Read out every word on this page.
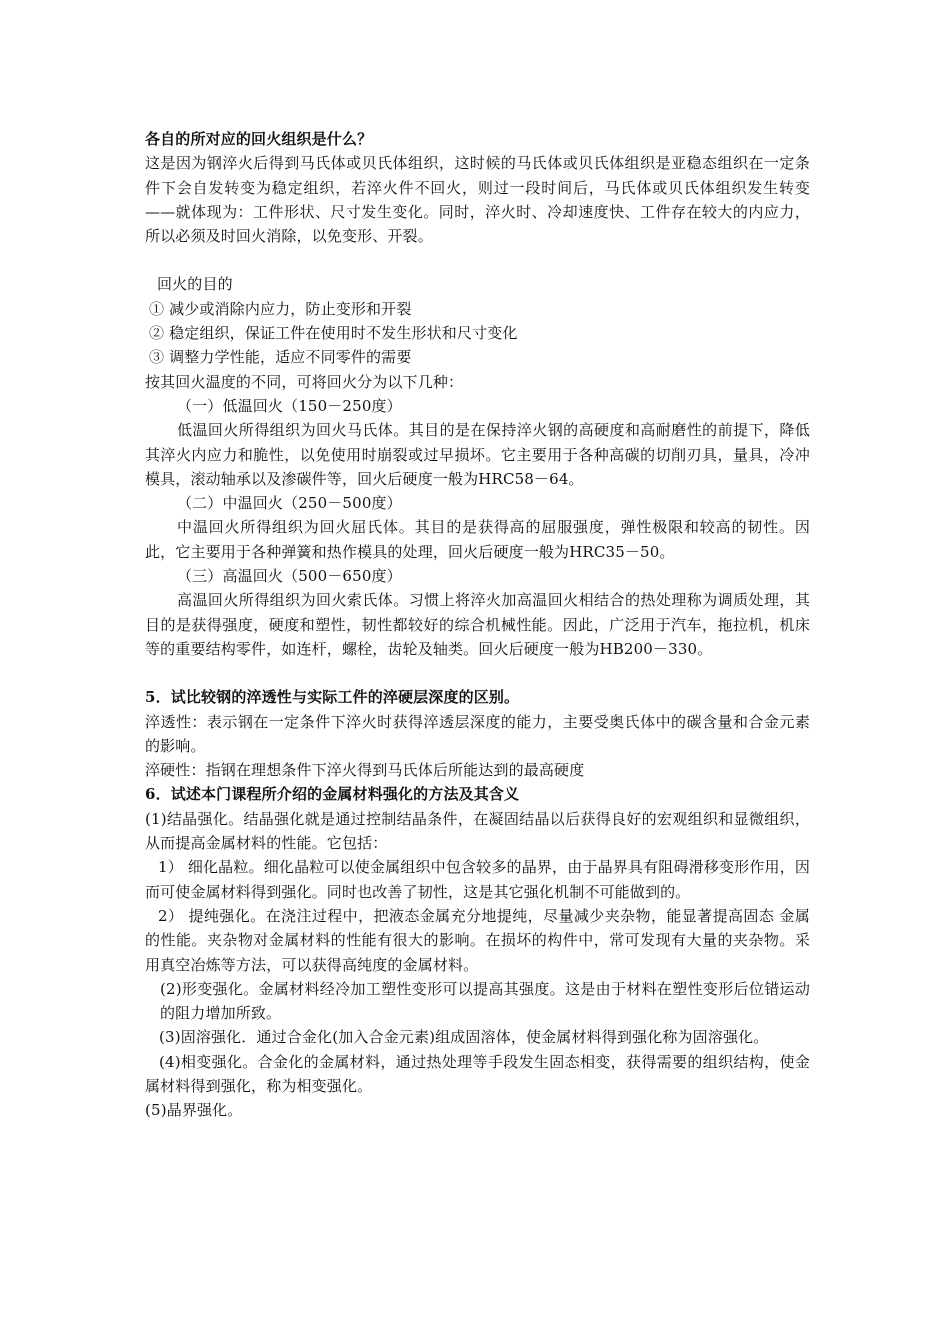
各自的所对应的回火组织是什么？

这是因为钢淬火后得到马氏体或贝氏体组织，这时候的马氏体或贝氏体组织是亚稳态组织在一定条件下会自发转变为稳定组织，若淬火件不回火，则过一段时间后，马氏体或贝氏体组织发生转变——就体现为：工件形状、尺寸发生变化。同时，淬火时、冷却速度快、工件存在较大的内应力，所以必须及时回火消除，以免变形、开裂。

回火的目的

① 减少或消除内应力，防止变形和开裂

② 稳定组织，保证工件在使用时不发生形状和尺寸变化

③ 调整力学性能，适应不同零件的需要

按其回火温度的不同，可将回火分为以下几种：

（一）低温回火（150－250度）

低温回火所得组织为回火马氏体。其目的是在保持淬火钢的高硬度和高耐磨性的前提下，降低其淬火内应力和脆性，以免使用时崩裂或过早损坏。它主要用于各种高碳的切削刃具，量具，冷冲模具，滚动轴承以及渗碳件等，回火后硬度一般为HRC58－64。

（二）中温回火（250－500度）

中温回火所得组织为回火屈氏体。其目的是获得高的屈服强度，弹性极限和较高的韧性。因此，它主要用于各种弹簧和热作模具的处理，回火后硬度一般为HRC35－50。

（三）高温回火（500－650度）

高温回火所得组织为回火索氏体。习惯上将淬火加高温回火相结合的热处理称为调质处理，其目的是获得强度，硬度和塑性，韧性都较好的综合机械性能。因此，广泛用于汽车，拖拉机，机床等的重要结构零件，如连杆，螺栓，齿轮及轴类。回火后硬度一般为HB200－330。

5．试比较钢的淬透性与实际工件的淬硬层深度的区别。

淬透性：表示钢在一定条件下淬火时获得淬透层深度的能力，主要受奥氏体中的碳含量和合金元素的影响。

淬硬性：指钢在理想条件下淬火得到马氏体后所能达到的最高硬度

6．试述本门课程所介绍的金属材料强化的方法及其含义

(1)结晶强化。结晶强化就是通过控制结晶条件，在凝固结晶以后获得良好的宏观组织和显微组织，从而提高金属材料的性能。它包括：

1） 细化晶粒。细化晶粒可以使金属组织中包含较多的晶界，由于晶界具有阻碍滑移变形作用，因而可使金属材料得到强化。同时也改善了韧性，这是其它强化机制不可能做到的。

2） 提纯强化。在浇注过程中，把液态金属充分地提纯，尽量减少夹杂物，能显著提高固态 金属的性能。夹杂物对金属材料的性能有很大的影响。在损坏的构件中，常可发现有大量的夹杂物。采用真空冶炼等方法，可以获得高纯度的金属材料。

(2)形变强化。金属材料经冷加工塑性变形可以提高其强度。这是由于材料在塑性变形后位错运动的阻力增加所致。

(3)固溶强化．通过合金化(加入合金元素)组成固溶体，使金属材料得到强化称为固溶强化。

(4)相变强化。合金化的金属材料，通过热处理等手段发生固态相变，获得需要的组织结构，使金属材料得到强化，称为相变强化。

(5)晶界强化。
